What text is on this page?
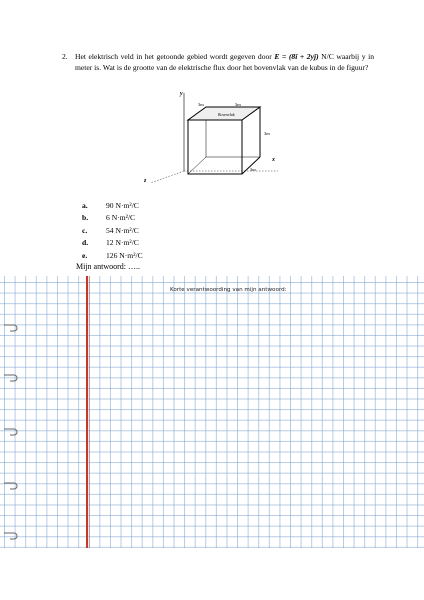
2. Het elektrisch veld in het getoonde gebied wordt gegeven door E = (8î + 2yĵ) N/C waarbij y in meter is. Wat is de grootte van de elektrische flux door het bovenvlak van de kubus in de figuur?
y
x
z
3m	3m
3m
3m
Bovenvlak
a.	90 N·m²/C
b.	6 N·m²/C
c.	54 N·m²/C
d.	12 N·m²/C
e.	126 N·m²/C
Mijn antwoord: …..
Korte verantwoording van mijn antwoord:
